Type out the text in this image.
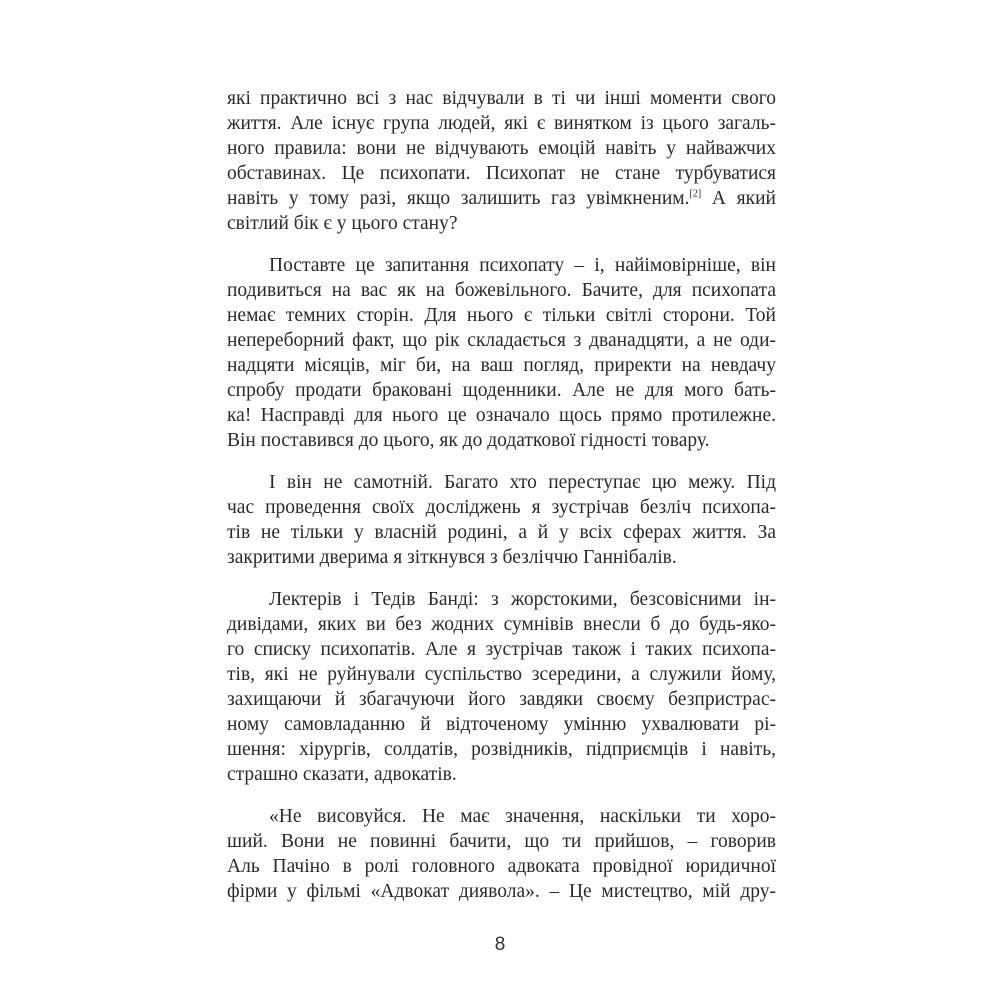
які практично всі з нас відчували в ті чи інші моменти свого
життя. Але існує група людей, які є винятком із цього загаль-
ного правила: вони не відчувають емоцій навіть у найважчих
обставинах. Це психопати. Психопат не стане турбуватися
навіть у тому разі, якщо залишить газ увімкненим.[2] А який
світлий бік є у цього стану?
Поставте це запитання психопату – і, найімовірніше, він
подивиться на вас як на божевільного. Бачите, для психопата
немає темних сторін. Для нього є тільки світлі сторони. Той
непереборний факт, що рік складається з дванадцяти, а не оди-
надцяти місяців, міг би, на ваш погляд, приректи на невдачу
спробу продати браковані щоденники. Але не для мого бать-
ка! Насправді для нього це означало щось прямо протилежне.
Він поставився до цього, як до додаткової гідності товару.
І він не самотній. Багато хто переступає цю межу. Під
час проведення своїх досліджень я зустрічав безліч психопа-
тів не тільки у власній родині, а й у всіх сферах життя. За
закритими дверима я зіткнувся з безліччю Ганнібалів.
Лектерів і Тедів Банді: з жорстокими, безсовісними ін-
дивідами, яких ви без жодних сумнівів внесли б до будь-яко-
го списку психопатів. Але я зустрічав також і таких психопа-
тів, які не руйнували суспільство зсередини, а служили йому,
захищаючи й збагачуючи його завдяки своєму безпристрас-
ному самовладанню й відточеному умінню ухвалювати рі-
шення: хірургів, солдатів, розвідників, підприємців і навіть,
страшно сказати, адвокатів.
«Не висовуйся. Не має значення, наскільки ти хоро-
ший. Вони не повинні бачити, що ти прийшов, – говорив
Аль Пачіно в ролі головного адвоката провідної юридичної
фірми у фільмі «Адвокат диявола». – Це мистецтво, мій дру-
8
